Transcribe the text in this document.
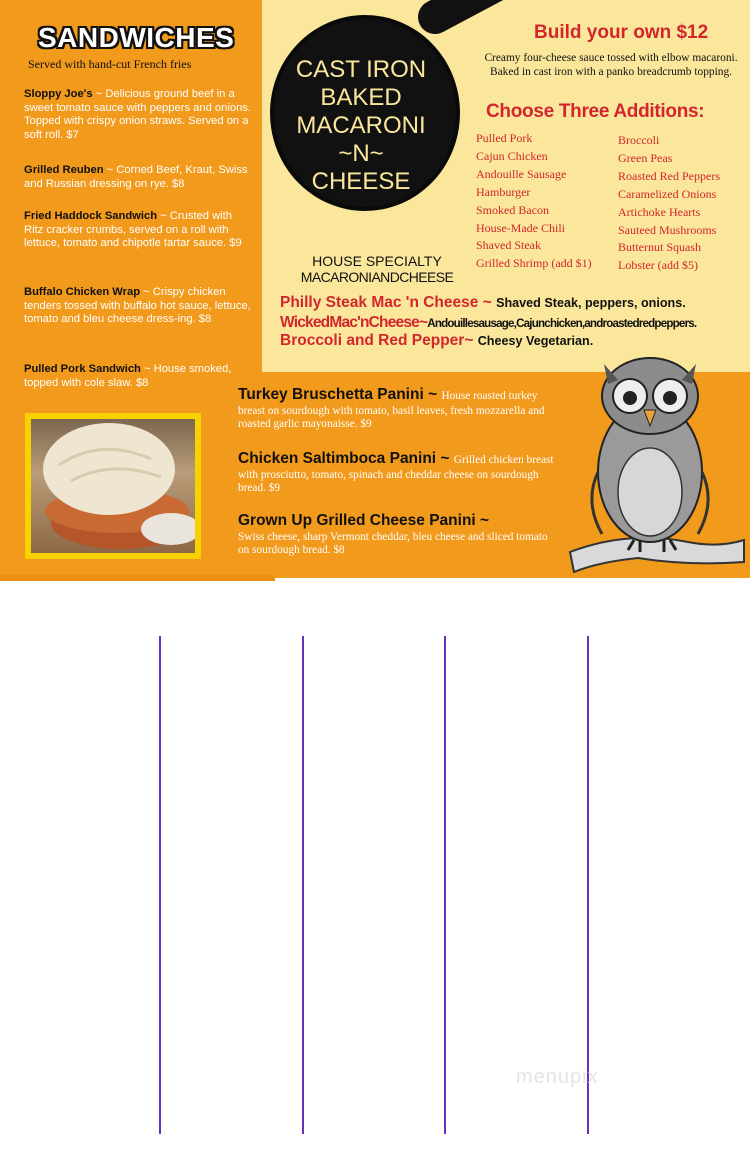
SANDWICHES
Served with hand-cut French fries
Sloppy Joe's ~ Delicious ground beef in a sweet tomato sauce with peppers and onions. Topped with crispy onion straws. Served on a soft roll. $7
Grilled Reuben ~ Corned Beef, Kraut, Swiss and Russian dressing on rye. $8
Fried Haddock Sandwich ~ Crusted with Ritz cracker crumbs, served on a roll with lettuce, tomato and chipotle tartar sauce. $9
Buffalo Chicken Wrap ~ Crispy chicken tenders tossed with buffalo hot sauce, lettuce, tomato and bleu cheese dress-ing. $8
Pulled Pork Sandwich ~ House smoked, topped with cole slaw. $8
CAST IRON
BAKED
MACARONI
~N~
CHEESE
Build your own $12
Creamy four-cheese sauce tossed with elbow macaroni. Baked in cast iron with a panko breadcrumb topping.
Choose Three Additions:
Pulled Pork
Cajun Chicken
Andouille Sausage
Hamburger
Smoked Bacon
House-Made Chili
Shaved Steak
Grilled Shrimp (add $1)
Broccoli
Green Peas
Roasted Red Peppers
Caramelized Onions
Artichoke Hearts
Sauteed Mushrooms
Butternut Squash
Lobster (add $5)
HOUSE SPECIALTY
MACARONIANDCHEESE
Philly Steak Mac 'n Cheese ~ Shaved Steak, peppers, onions.
WickedMac'nCheese~Andouillesausage,Cajunchicken,androastedredpeppers.
Broccoli and Red Pepper~ Cheesy Vegetarian.
Turkey Bruschetta Panini ~ House roasted turkey breast on sourdough with tomato, basil leaves, fresh mozzarella and roasted garlic mayonaisse. $9
Chicken Saltimboca Panini ~ Grilled chicken breast with prosciutto, tomato, spinach and cheddar cheese on sourdough bread. $9
Grown Up Grilled Cheese Panini ~
Swiss cheese, sharp Vermont cheddar, bleu cheese and sliced tomato on sourdough bread. $8
menupix
